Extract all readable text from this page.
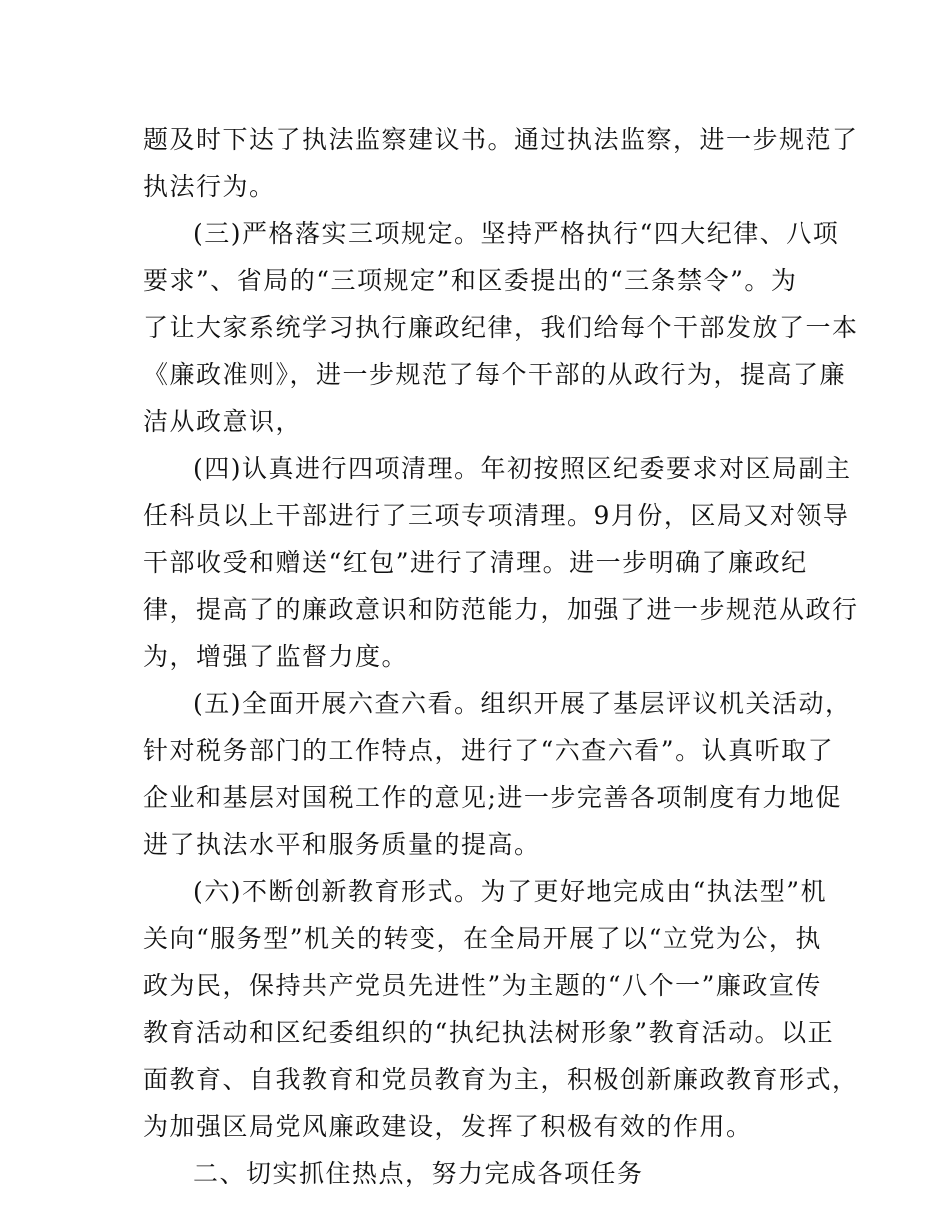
题及时下达了执法监察建议书。通过执法监察，进一步规范了
执法行为。
(三)严格落实三项规定。坚持严格执行“四大纪律、八项
要求”、省局的“三项规定”和区委提出的“三条禁令”。为
了让大家系统学习执行廉政纪律，我们给每个干部发放了一本
《廉政准则》，进一步规范了每个干部的从政行为，提高了廉
洁从政意识，
(四)认真进行四项清理。年初按照区纪委要求对区局副主
任科员以上干部进行了三项专项清理。9月份，区局又对领导
干部收受和赠送“红包”进行了清理。进一步明确了廉政纪
律，提高了的廉政意识和防范能力，加强了进一步规范从政行
为，增强了监督力度。
(五)全面开展六查六看。组织开展了基层评议机关活动，
针对税务部门的工作特点，进行了“六查六看”。认真听取了
企业和基层对国税工作的意见;进一步完善各项制度有力地促
进了执法水平和服务质量的提高。
(六)不断创新教育形式。为了更好地完成由“执法型”机
关向“服务型”机关的转变，在全局开展了以“立党为公，执
政为民，保持共产党员先进性”为主题的“八个一”廉政宣传
教育活动和区纪委组织的“执纪执法树形象”教育活动。以正
面教育、自我教育和党员教育为主，积极创新廉政教育形式，
为加强区局党风廉政建设，发挥了积极有效的作用。
二、切实抓住热点，努力完成各项任务
